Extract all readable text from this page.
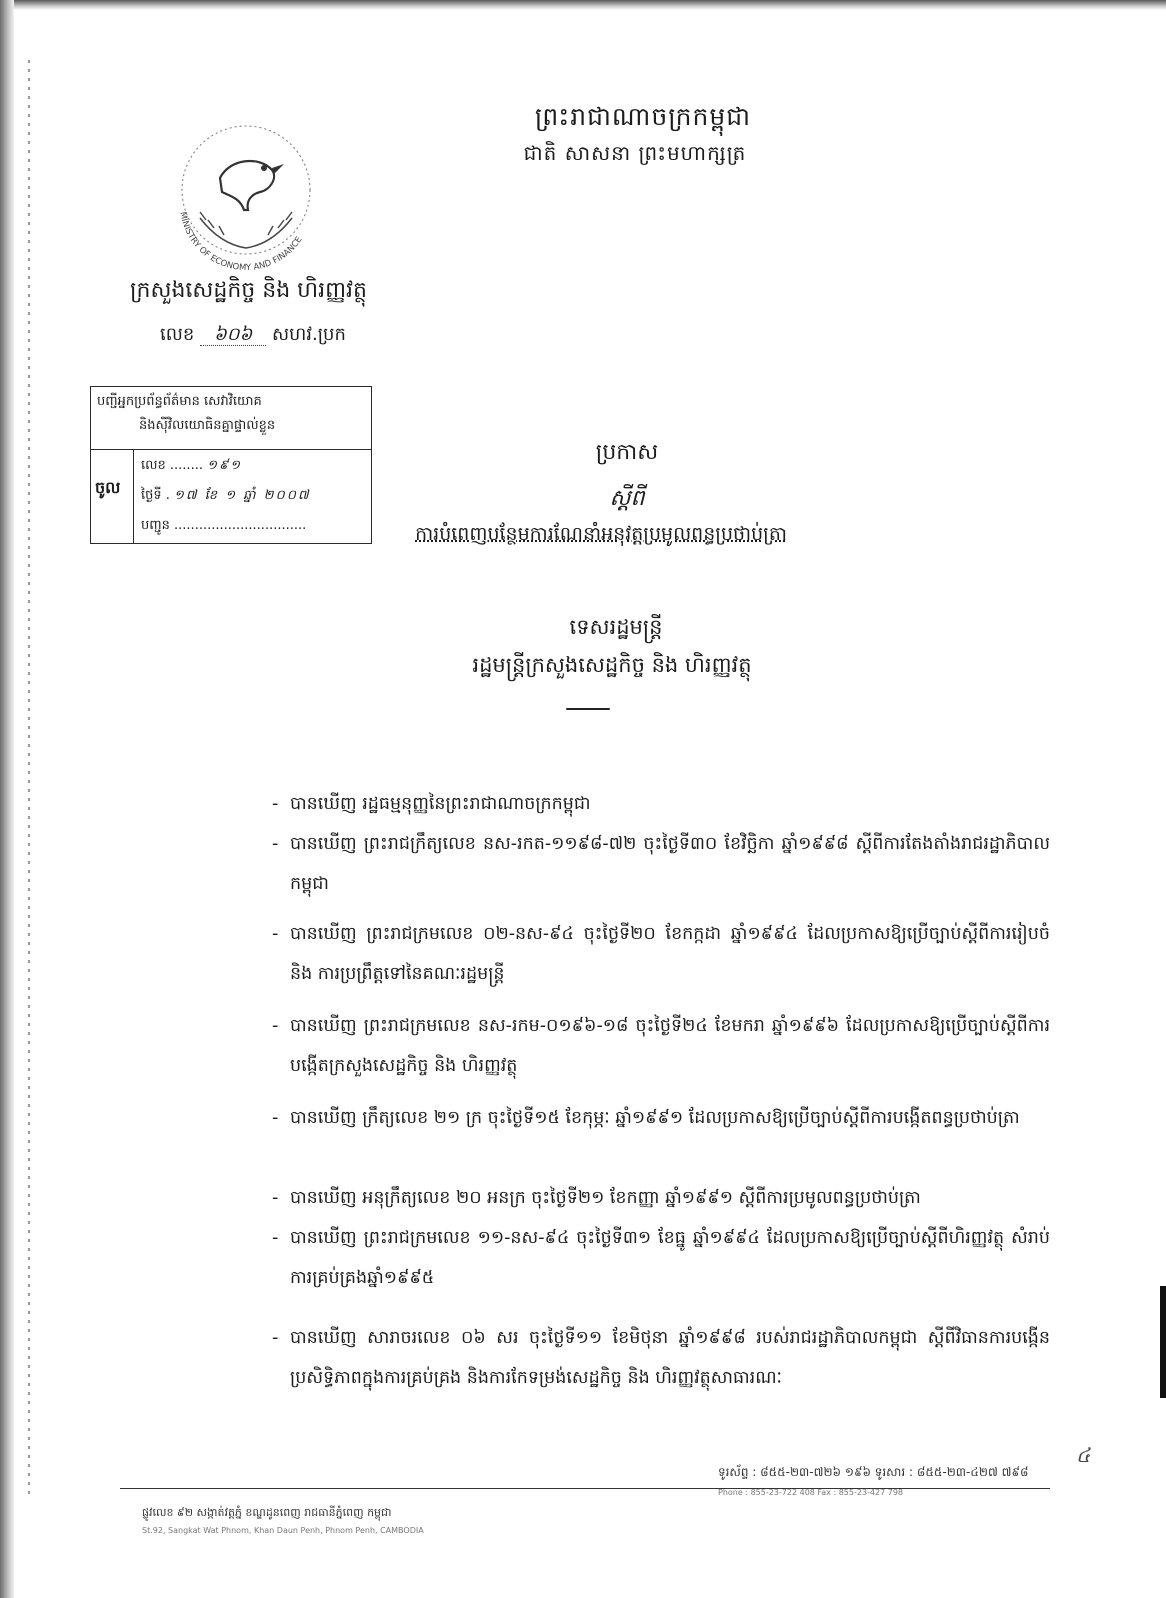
ព្រះរាជាណាចក្រកម្ពុជា
ជាតិ សាសនា ព្រះមហាក្សត្រ
MINISTRY OF ECONOMY AND FINANCE
ក្រសួងសេដ្ឋកិច្ច និង ហិរញ្ញវត្ថុ
លេខ ៦០៦ សហវ.ប្រក
បញ្ជីអ្នកប្រព័ន្ធព័ត៌មាន សេវាវិយោគ
និងស៊ីវិលយោធិនគ្នាផ្ទាល់ខ្លួន
ចូល
លេខ ........ ១៩១
ថ្ងៃទី . ១៧ ខែ ១ ឆ្នាំ ២០០៧
បញ្ជូន ................................
ប្រកាស
ស្ដីពី
ការបំពេញបន្ថែមការណែនាំអនុវត្តប្រមូលពន្ធប្រថាប់ត្រា
ទេសរដ្ឋមន្ត្រី
រដ្ឋមន្ត្រីក្រសួងសេដ្ឋកិច្ច និង ហិរញ្ញវត្ថុ
- បានឃើញ រដ្ឋធម្មនុញ្ញនៃព្រះរាជាណាចក្រកម្ពុជា
- បានឃើញ ព្រះរាជក្រឹត្យលេខ នស-រកត-១១៩៨-៧២ ចុះថ្ងៃទី៣០ ខែវិច្ឆិកា ឆ្នាំ១៩៩៨ ស្ដីពីការតែងតាំងរាជរដ្ឋាភិបាលកម្ពុជា
- បានឃើញ ព្រះរាជក្រមលេខ ០២-នស-៩៤ ចុះថ្ងៃទី២០ ខែកក្កដា ឆ្នាំ១៩៩៤ ដែលប្រកាសឱ្យប្រើច្បាប់ស្ដីពីការរៀបចំ និង ការប្រព្រឹត្តទៅនៃគណៈរដ្ឋមន្ត្រី
- បានឃើញ ព្រះរាជក្រមលេខ នស-រកម-០១៩៦-១៨ ចុះថ្ងៃទី២៤ ខែមករា ឆ្នាំ១៩៩៦ ដែលប្រកាសឱ្យប្រើច្បាប់ស្ដីពីការបង្កើតក្រសួងសេដ្ឋកិច្ច និង ហិរញ្ញវត្ថុ
- បានឃើញ ក្រឹត្យលេខ ២១ ក្រ ចុះថ្ងៃទី១៥ ខែកុម្ភៈ ឆ្នាំ១៩៩១ ដែលប្រកាសឱ្យប្រើច្បាប់ស្ដីពីការបង្កើតពន្ធប្រថាប់ត្រា
- បានឃើញ អនុក្រឹត្យលេខ ២០ អនក្រ ចុះថ្ងៃទី២១ ខែកញ្ញា ឆ្នាំ១៩៩១ ស្ដីពីការប្រមូលពន្ធប្រថាប់ត្រា
- បានឃើញ ព្រះរាជក្រមលេខ ១១-នស-៩៤ ចុះថ្ងៃទី៣១ ខែធ្នូ ឆ្នាំ១៩៩៤ ដែលប្រកាសឱ្យប្រើច្បាប់ស្ដីពីហិរញ្ញវត្ថុ សំរាប់ការគ្រប់គ្រងឆ្នាំ១៩៩៥
- បានឃើញ សារាចរលេខ ០៦ សរ ចុះថ្ងៃទី១១ ខែមិថុនា ឆ្នាំ១៩៩៨ របស់រាជរដ្ឋាភិបាលកម្ពុជា ស្ដីពីវិធានការបង្កើនប្រសិទ្ធិភាពក្នុងការគ្រប់គ្រង និងការកែទម្រង់សេដ្ឋកិច្ច និង ហិរញ្ញវត្ថុសាធារណៈ
ទូរស័ព្ទ : ៨៥៥-២៣-៧២៦ ១៩៦ ទូរសារ : ៨៥៥-២៣-៤២៧ ៧៩៨
Phone : 855-23-722 408 Fax : 855-23-427 798
៤
ផ្លូវលេខ ៩២ សង្កាត់វត្តភ្នំ ខណ្ឌដូនពេញ រាជធានីភ្នំពេញ កម្ពុជា
St.92, Sangkat Wat Phnom, Khan Daun Penh, Phnom Penh, CAMBODIA
